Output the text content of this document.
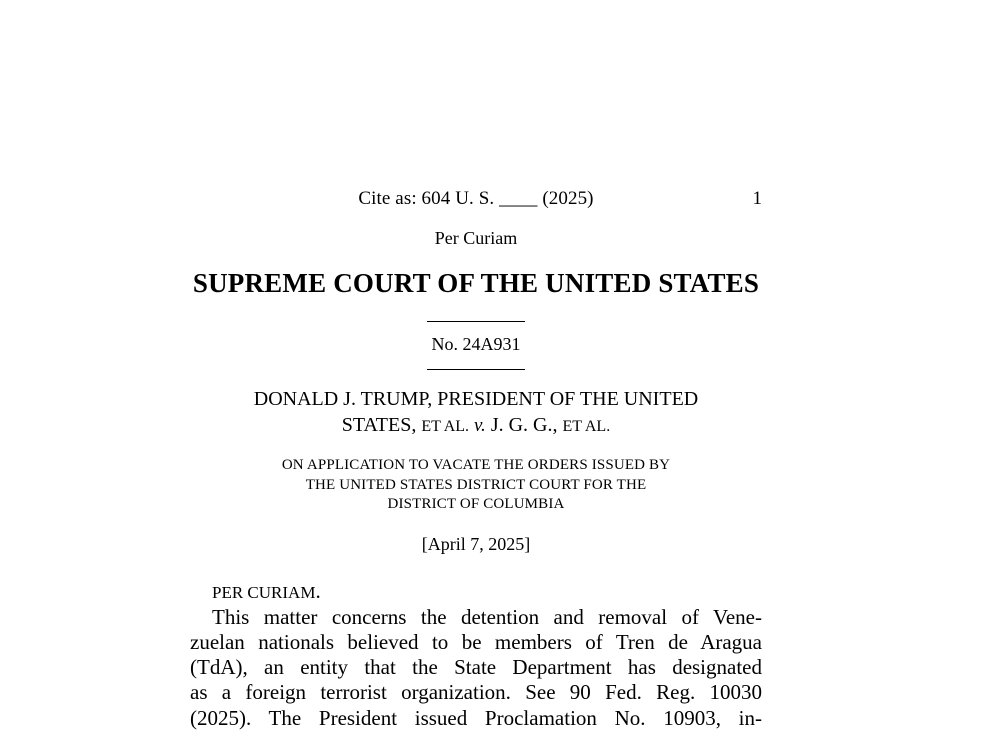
Cite as: 604 U. S. ____ (2025)	1
Per Curiam
SUPREME COURT OF THE UNITED STATES
No. 24A931
DONALD J. TRUMP, PRESIDENT OF THE UNITED
STATES, ET AL. v. J. G. G., ET AL.
ON APPLICATION TO VACATE THE ORDERS ISSUED BY
THE UNITED STATES DISTRICT COURT FOR THE
DISTRICT OF COLUMBIA
[April 7, 2025]
PER CURIAM.

This matter concerns the detention and removal of Vene-
zuelan nationals believed to be members of Tren de Aragua
(TdA), an entity that the State Department has designated
as a foreign terrorist organization. See 90 Fed. Reg. 10030
(2025). The President issued Proclamation No. 10903, in-
